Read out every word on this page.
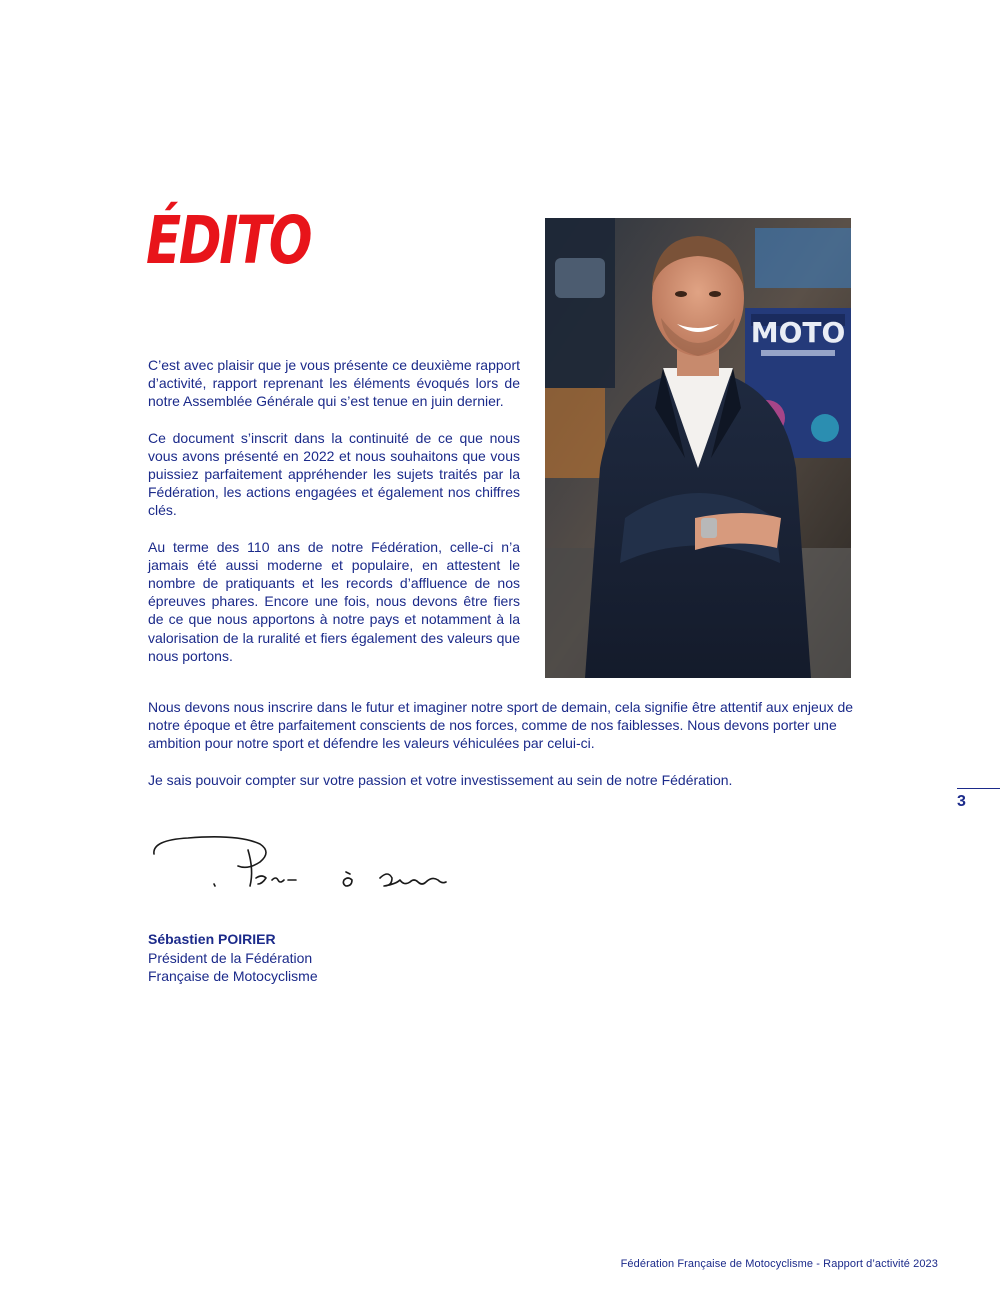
ÉDITO

C’est avec plaisir que je vous présente ce deuxième rapport d’activité, rapport reprenant les éléments évoqués lors de notre Assemblée Générale qui s’est tenue en juin dernier.

Ce document s’inscrit dans la continuité de ce que nous vous avons présenté en 2022 et nous souhaitons que vous puissiez parfaitement appréhender les sujets traités par la Fédération, les actions engagées et également nos chiffres clés.

Au terme des 110 ans de notre Fédération, celle-ci n’a jamais été aussi moderne et populaire, en attestent le nombre de pratiquants et les records d’affluence de nos épreuves phares. Encore une fois, nous devons être fiers de ce que nous apportons à notre pays et notamment à la valorisation de la ruralité et fiers également des valeurs que nous portons.

MOTO

Nous devons nous inscrire dans le futur et imaginer notre sport de demain, cela signifie être attentif aux enjeux de notre époque et être parfaitement conscients de nos forces, comme de nos faiblesses. Nous devons porter une ambition pour notre sport et défendre les valeurs véhiculées par celui-ci.

Je sais pouvoir compter sur votre passion et votre investissement au sein de notre Fédération.

Sébastien POIRIER
Président de la Fédération
Française de Motocyclisme
3
Fédération Française de Motocyclisme - Rapport d’activité 2023
